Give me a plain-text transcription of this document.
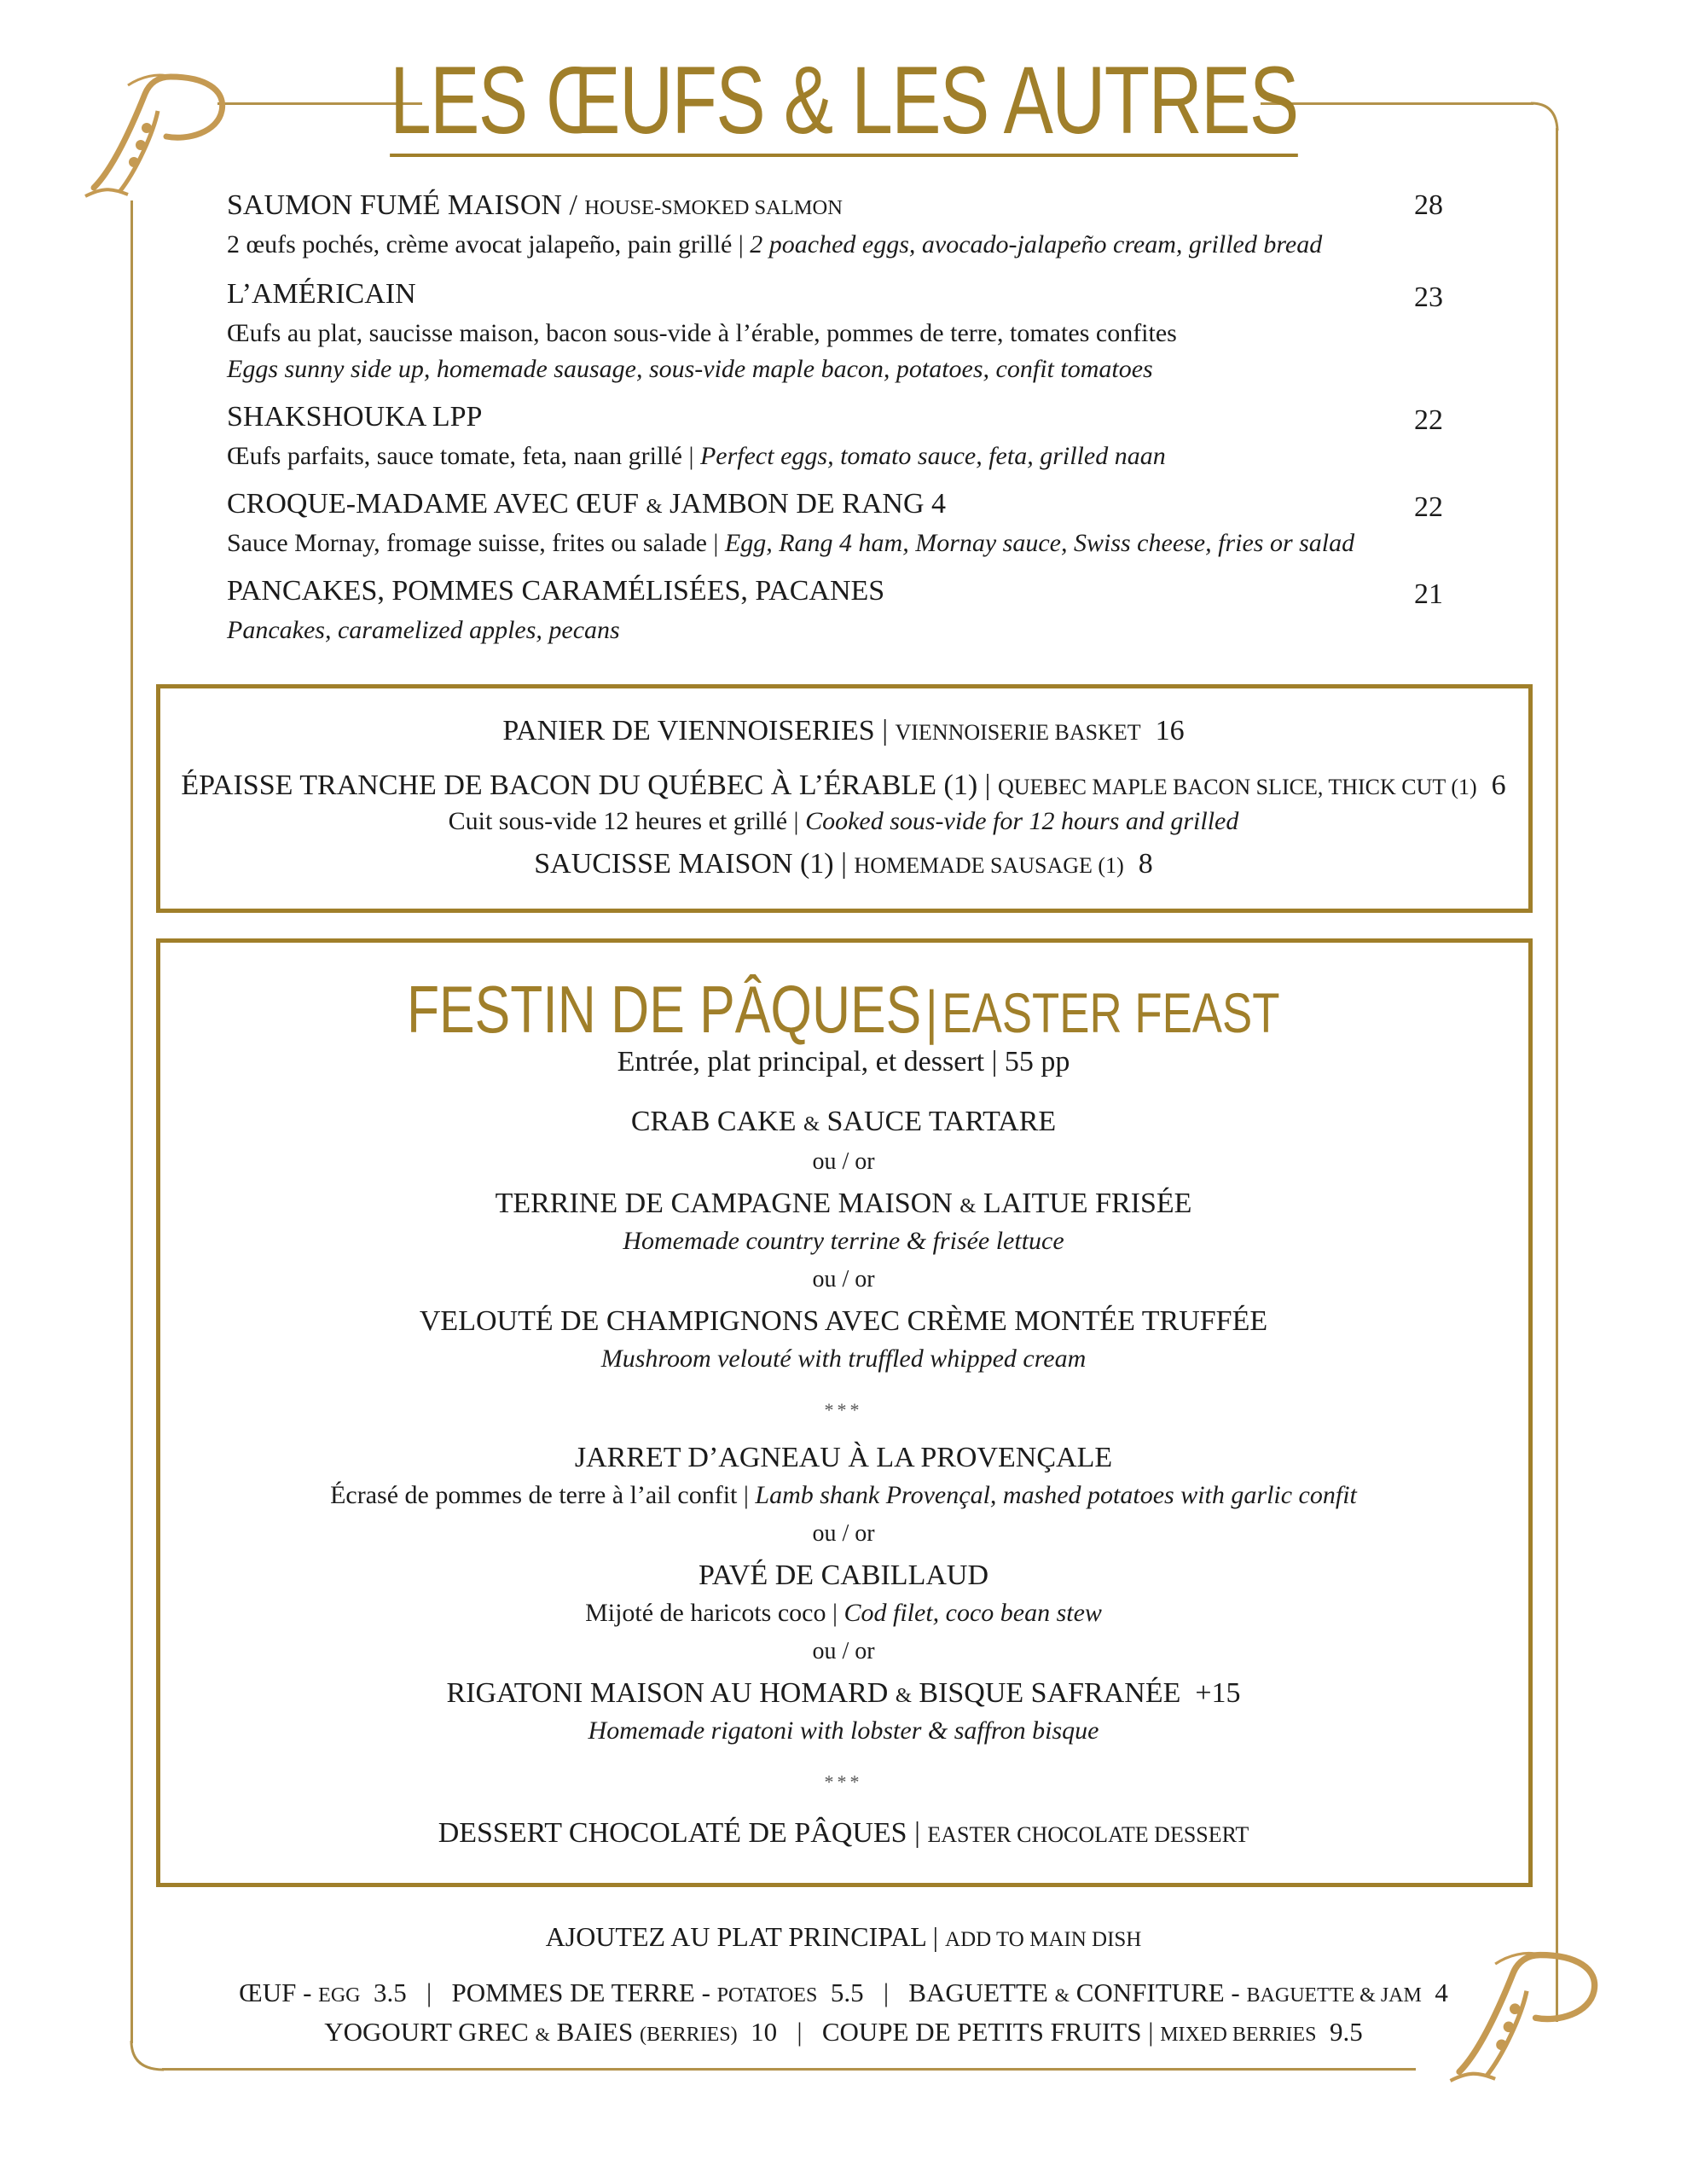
LES ŒUFS & LES AUTRES
SAUMON FUMÉ MAISON / HOUSE-SMOKED SALMON	28
2 œufs pochés, crème avocat jalapeño, pain grillé | 2 poached eggs, avocado-jalapeño cream, grilled bread
L’AMÉRICAIN	23
Œufs au plat, saucisse maison, bacon sous-vide à l’érable, pommes de terre, tomates confites
Eggs sunny side up, homemade sausage, sous-vide maple bacon, potatoes, confit tomatoes
SHAKSHOUKA LPP	22
Œufs parfaits, sauce tomate, feta, naan grillé | Perfect eggs, tomato sauce, feta, grilled naan
CROQUE-MADAME AVEC ŒUF & JAMBON DE RANG 4	22
Sauce Mornay, fromage suisse, frites ou salade | Egg, Rang 4 ham, Mornay sauce, Swiss cheese, fries or salad
PANCAKES, POMMES CARAMÉLISÉES, PACANES	21
Pancakes, caramelized apples, pecans
PANIER DE VIENNOISERIES | VIENNOISERIE BASKET 16
ÉPAISSE TRANCHE DE BACON DU QUÉBEC À L’ÉRABLE (1) | QUEBEC MAPLE BACON SLICE, THICK CUT (1) 6
Cuit sous-vide 12 heures et grillé | Cooked sous-vide for 12 hours and grilled
SAUCISSE MAISON (1) | HOMEMADE SAUSAGE (1) 8
FESTIN DE PÂQUES|EASTER FEAST
Entrée, plat principal, et dessert | 55 pp
CRAB CAKE & SAUCE TARTARE
ou / or
TERRINE DE CAMPAGNE MAISON & LAITUE FRISÉE
Homemade country terrine & frisée lettuce
ou / or
VELOUTÉ DE CHAMPIGNONS AVEC CRÈME MONTÉE TRUFFÉE
Mushroom velouté with truffled whipped cream
***
JARRET D’AGNEAU À LA PROVENÇALE
Écrasé de pommes de terre à l’ail confit | Lamb shank Provençal, mashed potatoes with garlic confit
ou / or
PAVÉ DE CABILLAUD
Mijoté de haricots coco | Cod filet, coco bean stew
ou / or
RIGATONI MAISON AU HOMARD & BISQUE SAFRANÉE +15
Homemade rigatoni with lobster & saffron bisque
***
DESSERT CHOCOLATÉ DE PÂQUES | EASTER CHOCOLATE DESSERT
AJOUTEZ AU PLAT PRINCIPAL | ADD TO MAIN DISH
ŒUF - EGG 3.5 | POMMES DE TERRE - POTATOES 5.5 | BAGUETTE & CONFITURE - BAGUETTE & JAM 4
YOGOURT GREC & BAIES (BERRIES) 10 | COUPE DE PETITS FRUITS | MIXED BERRIES 9.5
